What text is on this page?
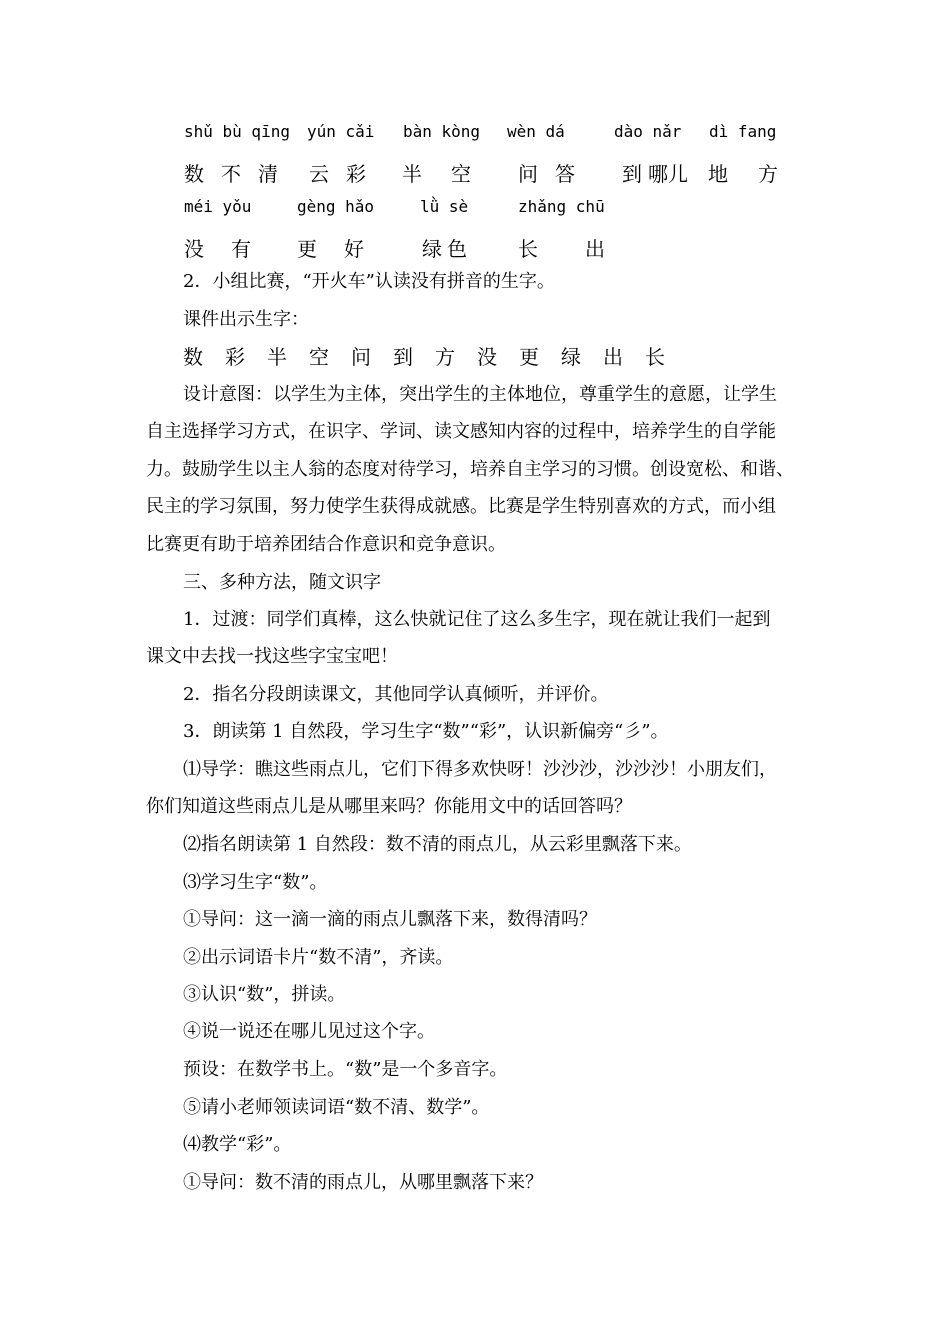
shǔ bù qīng yún cǎi bàn kòng wèn dá	dào nǎr dì fang
数 不 清 云 彩 半 空 问 答 到 哪儿 地 方
méi yǒu	gèng hǎo	lǜ sè	zhǎng chū
没 有 更 好	绿 色	长 出
2．小组比赛，“开火车”认读没有拼音的生字。
课件出示生字：
数　彩　半　空　问　到　方　没　更　绿　出　长
设计意图：以学生为主体，突出学生的主体地位，尊重学生的意愿，让学生
自主选择学习方式，在识字、学词、读文感知内容的过程中，培养学生的自学能
力。鼓励学生以主人翁的态度对待学习，培养自主学习的习惯。创设宽松、和谐、
民主的学习氛围，努力使学生获得成就感。比赛是学生特别喜欢的方式，而小组
比赛更有助于培养团结合作意识和竞争意识。
三、多种方法，随文识字
1．过渡：同学们真棒，这么快就记住了这么多生字，现在就让我们一起到
课文中去找一找这些字宝宝吧！
2．指名分段朗读课文，其他同学认真倾听，并评价。
3．朗读第 1 自然段，学习生字“数”“彩”，认识新偏旁“彡”。
⑴导学：瞧这些雨点儿，它们下得多欢快呀！沙沙沙，沙沙沙！小朋友们，
你们知道这些雨点儿是从哪里来吗？你能用文中的话回答吗？
⑵指名朗读第 1 自然段：数不清的雨点儿，从云彩里飘落下来。
⑶学习生字“数”。
①导问：这一滴一滴的雨点儿飘落下来，数得清吗？
②出示词语卡片“数不清”，齐读。
③认识“数”，拼读。
④说一说还在哪儿见过这个字。
预设：在数学书上。“数”是一个多音字。
⑤请小老师领读词语“数不清、数学”。
⑷教学“彩”。
①导问：数不清的雨点儿，从哪里飘落下来？
